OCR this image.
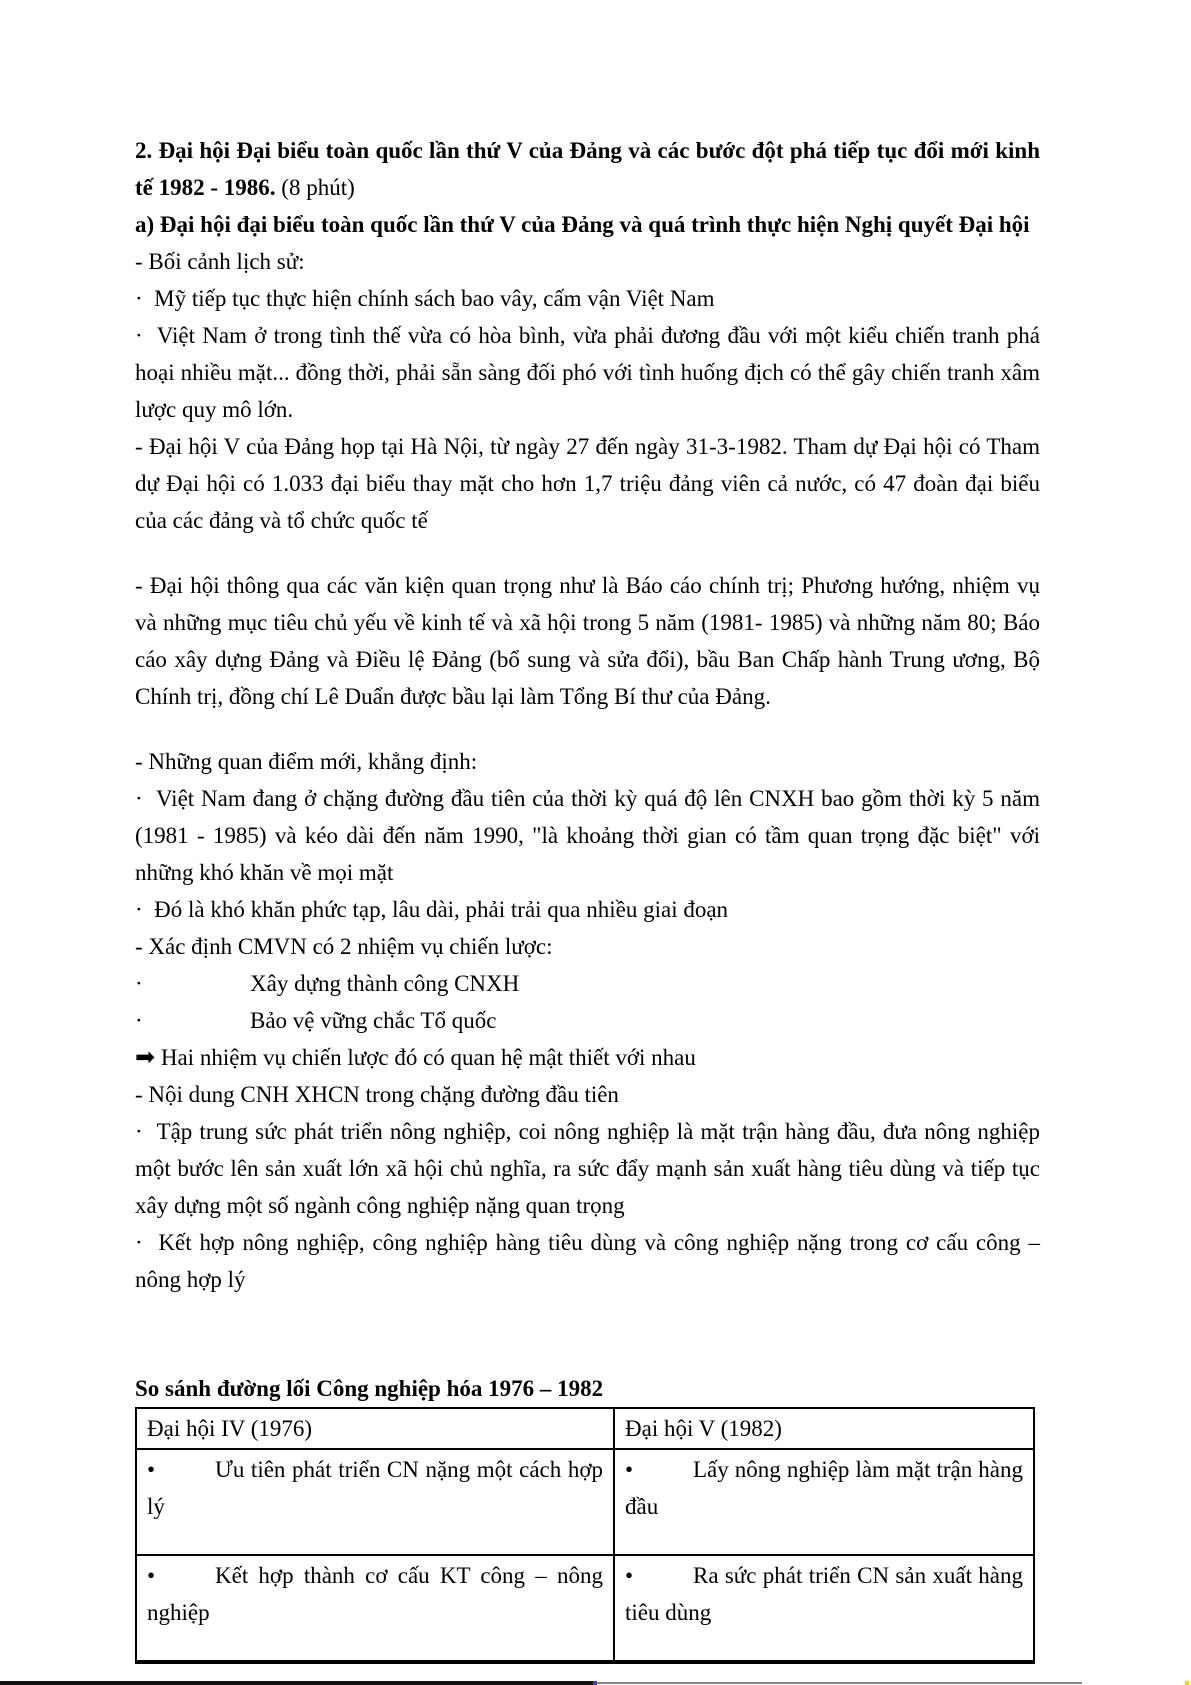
2. Đại hội Đại biểu toàn quốc lần thứ V của Đảng và các bước đột phá tiếp tục đổi mới kinh tế 1982 - 1986. (8 phút)

a) Đại hội đại biểu toàn quốc lần thứ V của Đảng và quá trình thực hiện Nghị quyết Đại hội

- Bối cảnh lịch sử:

·  Mỹ tiếp tục thực hiện chính sách bao vây, cấm vận Việt Nam

·  Việt Nam ở trong tình thế vừa có hòa bình, vừa phải đương đầu với một kiểu chiến tranh phá hoại nhiều mặt... đồng thời, phải sẵn sàng đối phó với tình huống địch có thể gây chiến tranh xâm lược quy mô lớn.

- Đại hội V của Đảng họp tại Hà Nội, từ ngày 27 đến ngày 31-3-1982. Tham dự Đại hội có Tham dự Đại hội có 1.033 đại biểu thay mặt cho hơn 1,7 triệu đảng viên cả nước, có 47 đoàn đại biểu của các đảng và tổ chức quốc tế

- Đại hội thông qua các văn kiện quan trọng như là Báo cáo chính trị; Phương hướng, nhiệm vụ và những mục tiêu chủ yếu về kinh tế và xã hội trong 5 năm (1981- 1985) và những năm 80; Báo cáo xây dựng Đảng và Điều lệ Đảng (bổ sung và sửa đổi), bầu Ban Chấp hành Trung ương, Bộ Chính trị, đồng chí Lê Duẩn được bầu lại làm Tổng Bí thư của Đảng.

- Những quan điểm mới, khẳng định:

·  Việt Nam đang ở chặng đường đầu tiên của thời kỳ quá độ lên CNXH bao gồm thời kỳ 5 năm (1981 - 1985) và kéo dài đến năm 1990, "là khoảng thời gian có tầm quan trọng đặc biệt" với những khó khăn về mọi mặt

·  Đó là khó khăn phức tạp, lâu dài, phải trải qua nhiều giai đoạn

- Xác định CMVN có 2 nhiệm vụ chiến lược:

·	Xây dựng thành công CNXH

·	Bảo vệ vững chắc Tổ quốc

➡ Hai nhiệm vụ chiến lược đó có quan hệ mật thiết với nhau

- Nội dung CNH XHCN trong chặng đường đầu tiên

·  Tập trung sức phát triển nông nghiệp, coi nông nghiệp là mặt trận hàng đầu, đưa nông nghiệp một bước lên sản xuất lớn xã hội chủ nghĩa, ra sức đẩy mạnh sản xuất hàng tiêu dùng và tiếp tục xây dựng một số ngành công nghiệp nặng quan trọng

·  Kết hợp nông nghiệp, công nghiệp hàng tiêu dùng và công nghiệp nặng trong cơ cấu công – nông hợp lý

So sánh đường lối Công nghiệp hóa 1976 – 1982

Đại hội IV (1976)	Đại hội V (1982)
• Ưu tiên phát triển CN nặng một cách hợp lý	• Lấy nông nghiệp làm mặt trận hàng đầu
• Kết hợp thành cơ cấu KT công – nông nghiệp	• Ra sức phát triển CN sản xuất hàng tiêu dùng
